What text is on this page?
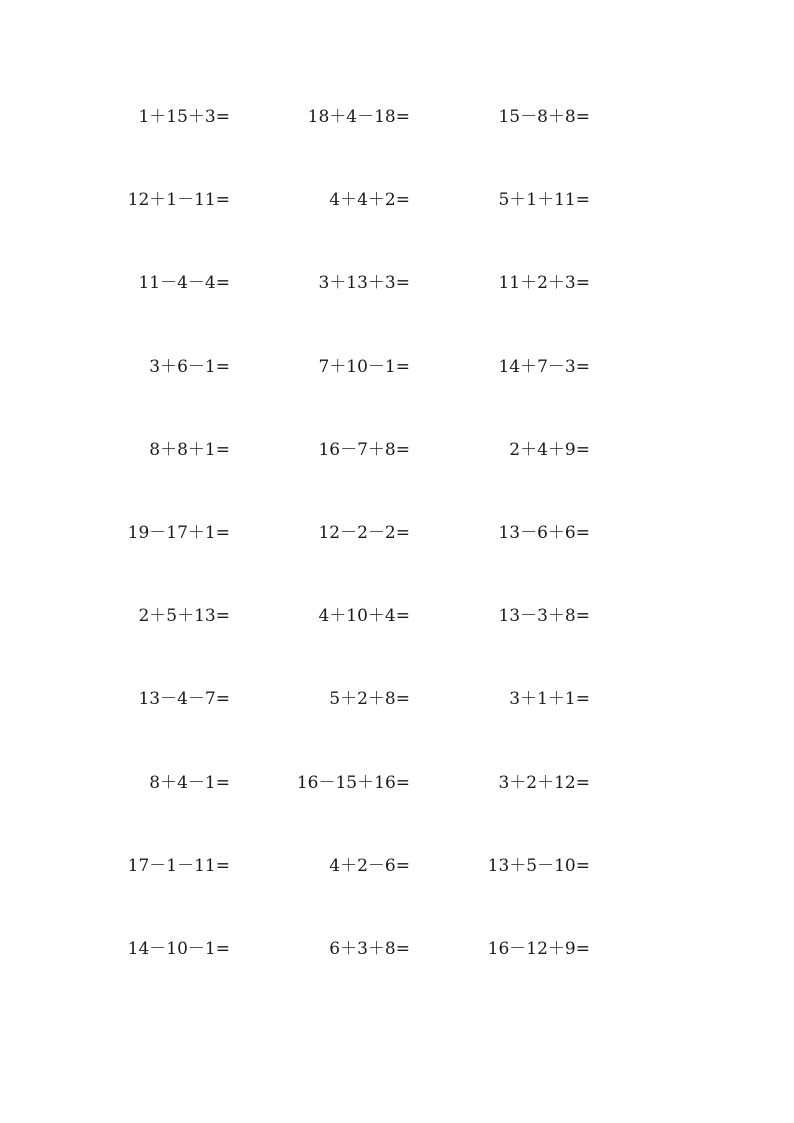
1＋15＋3=	18＋4－18=	15－8＋8=
12＋1－11=	4＋4＋2=	5＋1＋11=
11－4－4=	3＋13＋3=	11＋2＋3=
3＋6－1=	7＋10－1=	14＋7－3=
8＋8＋1=	16－7＋8=	2＋4＋9=
19－17＋1=	12－2－2=	13－6＋6=
2＋5＋13=	4＋10＋4=	13－3＋8=
13－4－7=	5＋2＋8=	3＋1＋1=
8＋4－1=	16－15＋16=	3＋2＋12=
17－1－11=	4＋2－6=	13＋5－10=
14－10－1=	6＋3＋8=	16－12＋9=
